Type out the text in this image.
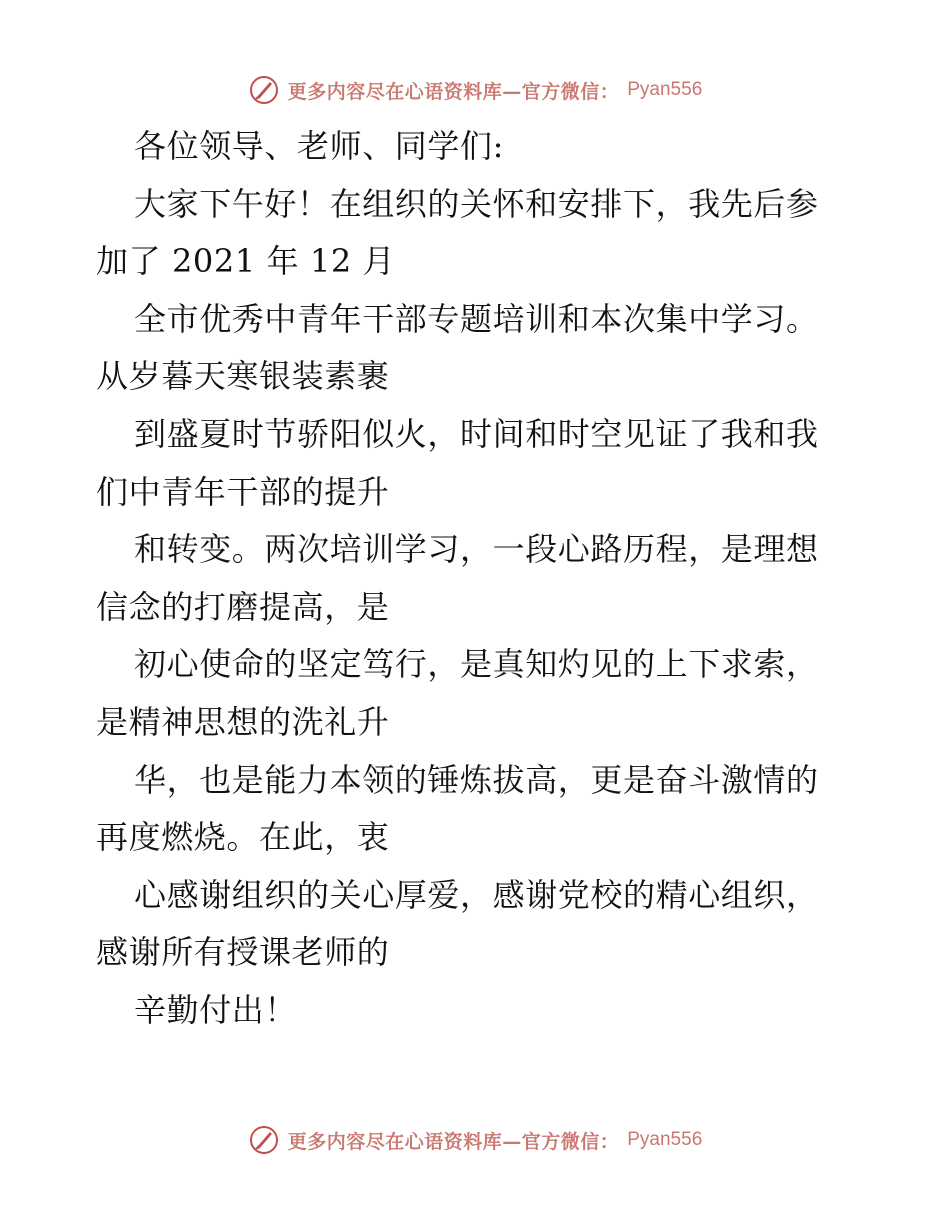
更多内容尽在心语资料库—官方微信： Pyan556
各位领导、老师、同学们:
大家下午好！在组织的关怀和安排下，我先后参
加了 2021 年 12 月
全市优秀中青年干部专题培训和本次集中学习。
从岁暮天寒银装素裹
到盛夏时节骄阳似火，时间和时空见证了我和我
们中青年干部的提升
和转变。两次培训学习，一段心路历程，是理想
信念的打磨提高，是
初心使命的坚定笃行，是真知灼见的上下求索，
是精神思想的洗礼升
华，也是能力本领的锤炼拔高，更是奋斗激情的
再度燃烧。在此，衷
心感谢组织的关心厚爱，感谢党校的精心组织，
感谢所有授课老师的
辛勤付出！
更多内容尽在心语资料库—官方微信： Pyan556
